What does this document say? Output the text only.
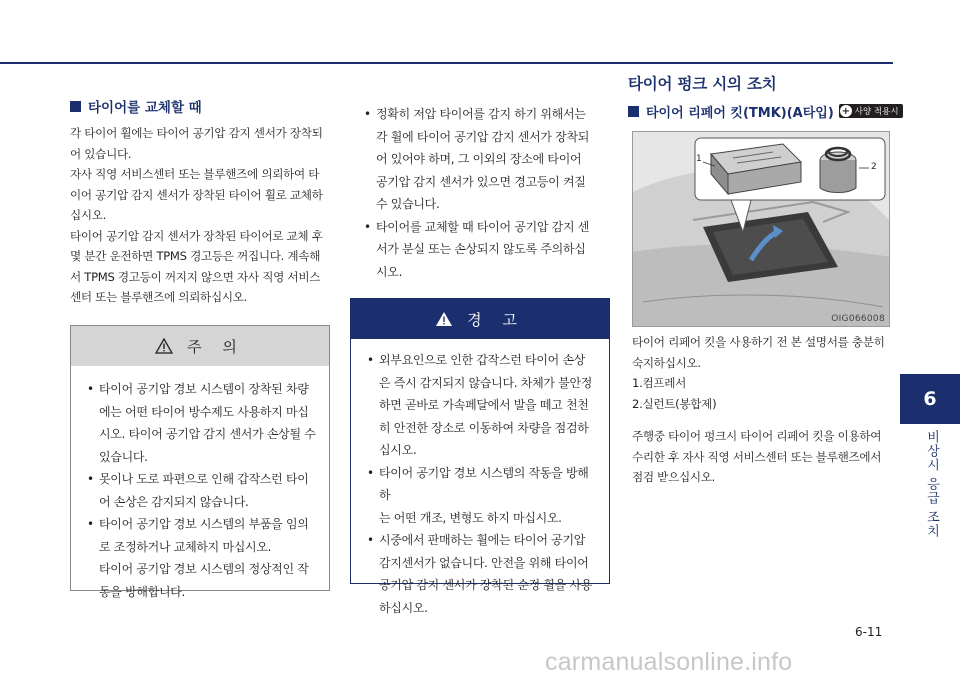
타이어를 교체할 때

각 타이어 휠에는 타이어 공기압 감지 센서가 장착되

어 있습니다.

자사 직영 서비스센터 또는 블루핸즈에 의뢰하여 타

이어 공기압 감지 센서가 장착된 타이어 휠로 교체하

십시오.

타이어 공기압 감지 센서가 장착된 타이어로 교체 후

몇 분간 운전하면 TPMS 경고등은 꺼집니다. 계속해

서 TPMS 경고등이 꺼지지 않으면 자사 직영 서비스

센터 또는 블루핸즈에 의뢰하십시오.

주 의
• 타이어 공기압 경보 시스템이 장착된 차량
에는 어떤 타이어 방수제도 사용하지 마십
시오. 타이어 공기압 감지 센서가 손상될 수
있습니다.
• 못이나 도로 파편으로 인해 갑작스런 타이
어 손상은 감지되지 않습니다.
• 타이어 공기압 경보 시스템의 부품을 임의
로 조정하거나 교체하지 마십시오.
타이어 공기압 경보 시스템의 정상적인 작
동을 방해합니다.
• 정확히 저압 타이어를 감지 하기 위해서는
각 휠에 타이어 공기압 감지 센서가 장착되
어 있어야 하며, 그 이외의 장소에 타이어
공기압 감지 센서가 있으면 경고등이 켜질
수 있습니다.
• 타이어를 교체할 때 타이어 공기압 감지 센
서가 분실 또는 손상되지 않도록 주의하십
시오.
경 고
• 외부요인으로 인한 갑작스런 타이어 손상
은 즉시 감지되지 않습니다. 차체가 불안정
하면 곧바로 가속페달에서 발을 떼고 천천
히 안전한 장소로 이동하여 차량을 점검하
십시오.
• 타이어 공기압 경보 시스템의 작동을 방해하
는 어떤 개조, 변형도 하지 마십시오.
• 시중에서 판매하는 휠에는 타이어 공기압
감지센서가 없습니다. 안전을 위해 타이어
공기압 감지 센서가 장착된 순정 휠을 사용
하십시오.
타이어 펑크 시의 조치
타이어 리페어 킷(TMK)(A타입) + 사양 적용시
1
2
OIG066008
타이어 리페어 킷을 사용하기 전 본 설명서를 충분히
숙지하십시오.
1.컴프레서
2.실런트(봉합제)
주행중 타이어 펑크시 타이어 리페어 킷을 이용하여
수리한 후 자사 직영 서비스센터 또는 블루핸즈에서
점검 받으십시오.
6
비상시 응급 조치
6-11
carmanualsonline.info
